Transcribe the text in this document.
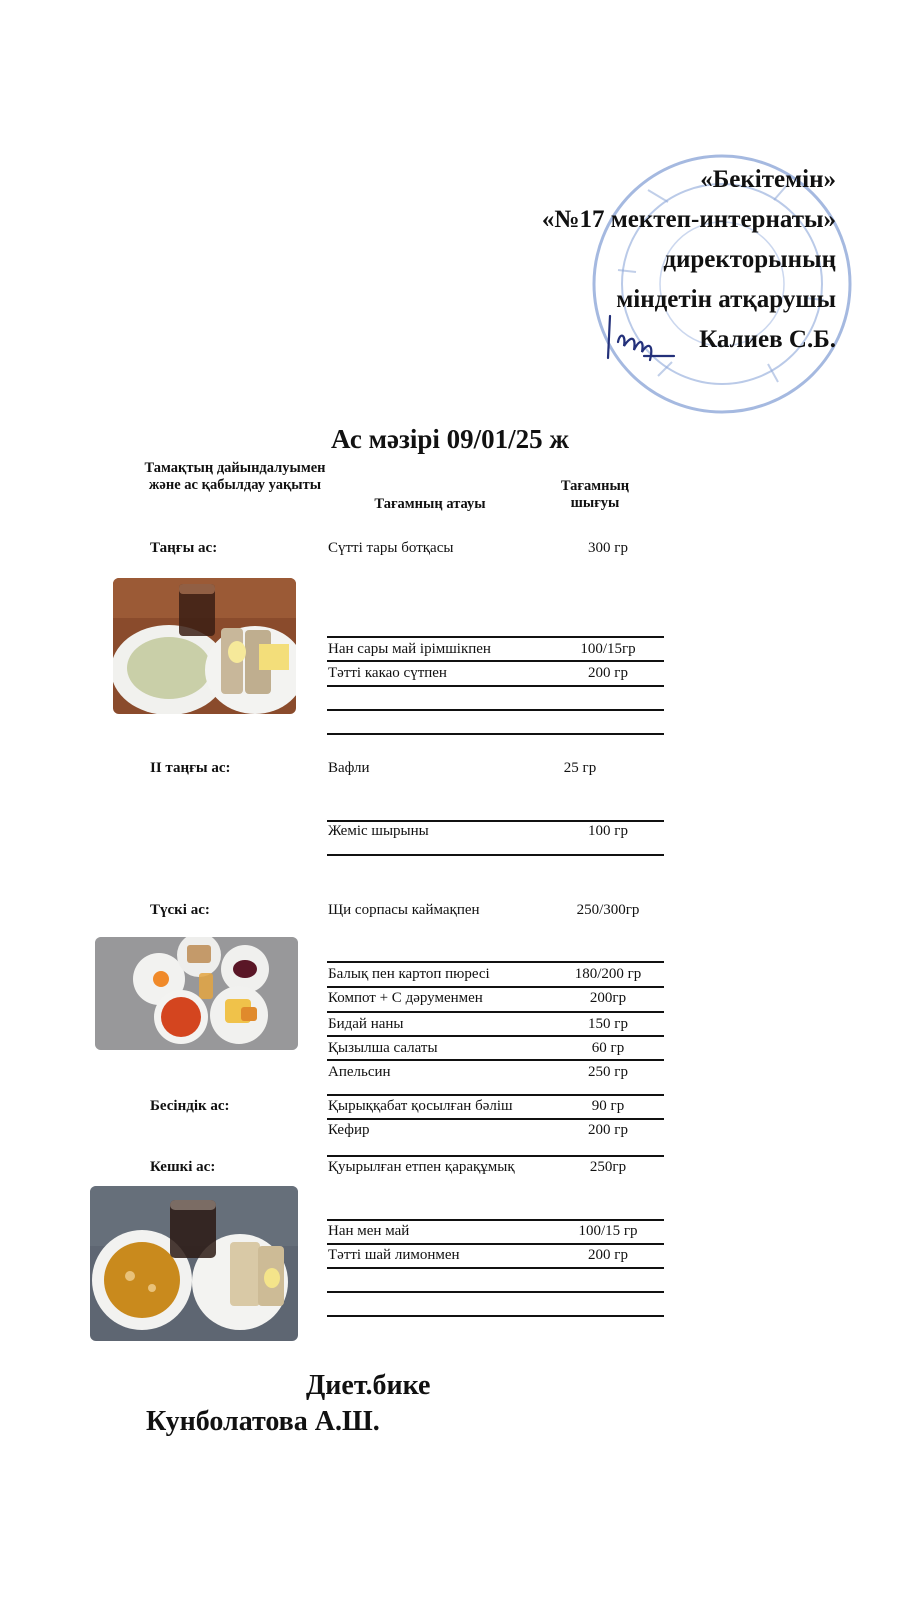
«Бекітемін»
«№17 мектеп-интернаты»
директорының
міндетін атқарушы
Калиев С.Б.
Ас мәзірі 09/01/25 ж
Тамақтың дайындалуымен және ас қабылдау уақыты
Тағамның атауы
Тағамның шығуы
Таңғы ас:	Сүтті тары ботқасы	300 гр
Нан сары май ірімшікпен	100/15гр
Тәтті какао сүтпен	200 гр
ІІ таңғы ас:	Вафли	25 гр
Жеміс шырыны	100 гр
Түскі ас:	Щи сорпасы каймақпен	250/300гр
Балық пен картоп пюресі	180/200 гр
Компот + С дәруменмен	200гр
Бидай наны	150 гр
Қызылша салаты	60 гр
Апельсин	250 гр
Бесіндік ас:	Қырыққабат қосылған бәліш	90 гр
Кефир	200 гр
Кешкі ас:	Қуырылған етпен қарақұмық	250гр
Нан мен май	100/15 гр
Тәтті шай лимонмен	200 гр
Диет.бике
Кунболатова А.Ш.
